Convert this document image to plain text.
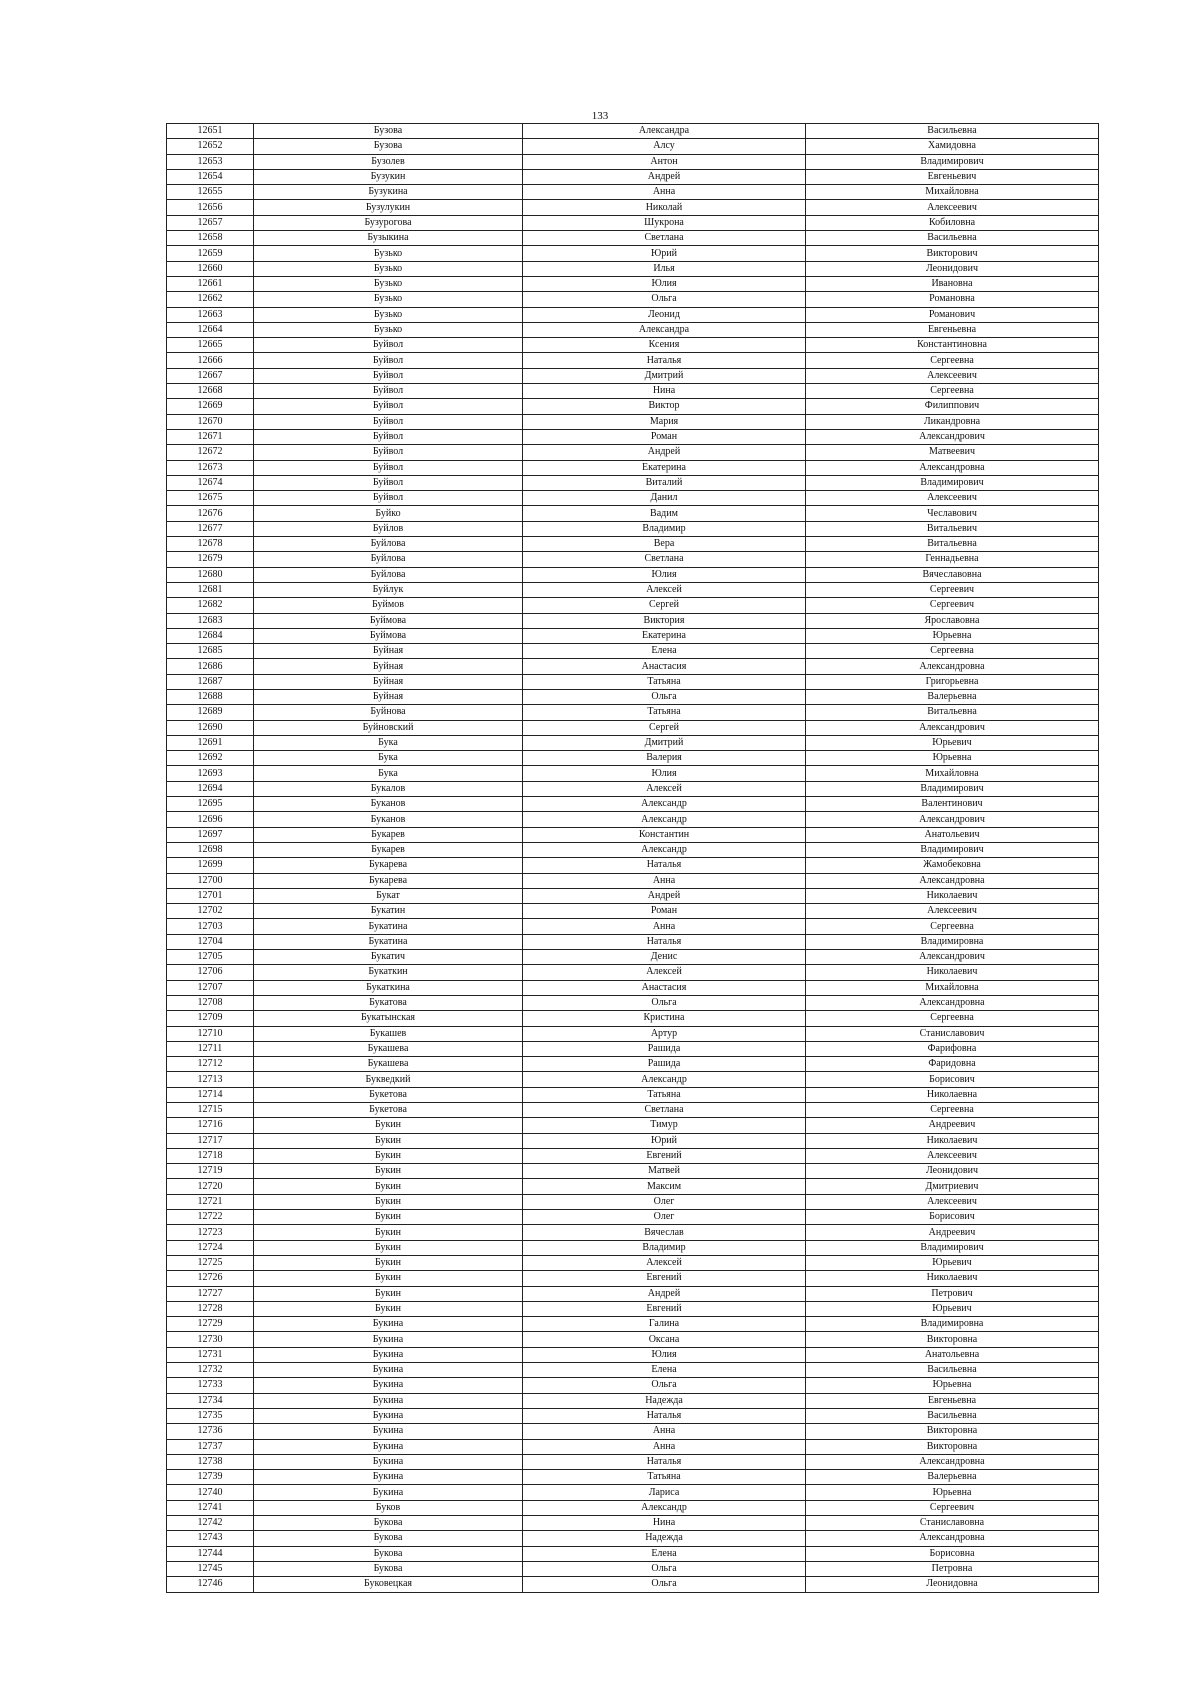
133
12651	Бузова	Александра	Васильевна
12652	Бузова	Алсу	Хамидовна
12653	Бузолев	Антон	Владимирович
12654	Бузукин	Андрей	Евгеньевич
12655	Бузукина	Анна	Михайловна
12656	Бузулукин	Николай	Алексеевич
12657	Бузурогова	Шукрона	Кобиловна
12658	Бузыкина	Светлана	Васильевна
12659	Бузько	Юрий	Викторович
12660	Бузько	Илья	Леонидович
12661	Бузько	Юлия	Ивановна
12662	Бузько	Ольга	Романовна
12663	Бузько	Леонид	Романович
12664	Бузько	Александра	Евгеньевна
12665	Буйвол	Ксения	Константиновна
12666	Буйвол	Наталья	Сергеевна
12667	Буйвол	Дмитрий	Алексеевич
12668	Буйвол	Нина	Сергеевна
12669	Буйвол	Виктор	Филиппович
12670	Буйвол	Мария	Ликандровна
12671	Буйвол	Роман	Александрович
12672	Буйвол	Андрей	Матвеевич
12673	Буйвол	Екатерина	Александровна
12674	Буйвол	Виталий	Владимирович
12675	Буйвол	Данил	Алексеевич
12676	Буйко	Вадим	Чеславович
12677	Буйлов	Владимир	Витальевич
12678	Буйлова	Вера	Витальевна
12679	Буйлова	Светлана	Геннадьевна
12680	Буйлова	Юлия	Вячеславовна
12681	Буйлук	Алексей	Сергеевич
12682	Буймов	Сергей	Сергеевич
12683	Буймова	Виктория	Ярославовна
12684	Буймова	Екатерина	Юрьевна
12685	Буйная	Елена	Сергеевна
12686	Буйная	Анастасия	Александровна
12687	Буйная	Татьяна	Григорьевна
12688	Буйная	Ольга	Валерьевна
12689	Буйнова	Татьяна	Витальевна
12690	Буйновский	Сергей	Александрович
12691	Бука	Дмитрий	Юрьевич
12692	Бука	Валерия	Юрьевна
12693	Бука	Юлия	Михайловна
12694	Букалов	Алексей	Владимирович
12695	Буканов	Александр	Валентинович
12696	Буканов	Александр	Александрович
12697	Букарев	Константин	Анатольевич
12698	Букарев	Александр	Владимирович
12699	Букарева	Наталья	Жамобековна
12700	Букарева	Анна	Александровна
12701	Букат	Андрей	Николаевич
12702	Букатин	Роман	Алексеевич
12703	Букатина	Анна	Сергеевна
12704	Букатина	Наталья	Владимировна
12705	Букатич	Денис	Александрович
12706	Букаткин	Алексей	Николаевич
12707	Букаткина	Анастасия	Михайловна
12708	Букатова	Ольга	Александровна
12709	Букатынская	Кристина	Сергеевна
12710	Букашев	Артур	Станиславович
12711	Букашева	Рашида	Фарифовна
12712	Букашева	Рашида	Фаридовна
12713	Букведкий	Александр	Борисович
12714	Букетова	Татьяна	Николаевна
12715	Букетова	Светлана	Сергеевна
12716	Букин	Тимур	Андреевич
12717	Букин	Юрий	Николаевич
12718	Букин	Евгений	Алексеевич
12719	Букин	Матвей	Леонидович
12720	Букин	Максим	Дмитриевич
12721	Букин	Олег	Алексеевич
12722	Букин	Олег	Борисович
12723	Букин	Вячеслав	Андреевич
12724	Букин	Владимир	Владимирович
12725	Букин	Алексей	Юрьевич
12726	Букин	Евгений	Николаевич
12727	Букин	Андрей	Петрович
12728	Букин	Евгений	Юрьевич
12729	Букина	Галина	Владимировна
12730	Букина	Оксана	Викторовна
12731	Букина	Юлия	Анатольевна
12732	Букина	Елена	Васильевна
12733	Букина	Ольга	Юрьевна
12734	Букина	Надежда	Евгеньевна
12735	Букина	Наталья	Васильевна
12736	Букина	Анна	Викторовна
12737	Букина	Анна	Викторовна
12738	Букина	Наталья	Александровна
12739	Букина	Татьяна	Валерьевна
12740	Букина	Лариса	Юрьевна
12741	Буков	Александр	Сергеевич
12742	Букова	Нина	Станиславовна
12743	Букова	Надежда	Александровна
12744	Букова	Елена	Борисовна
12745	Букова	Ольга	Петровна
12746	Буковецкая	Ольга	Леонидовна
